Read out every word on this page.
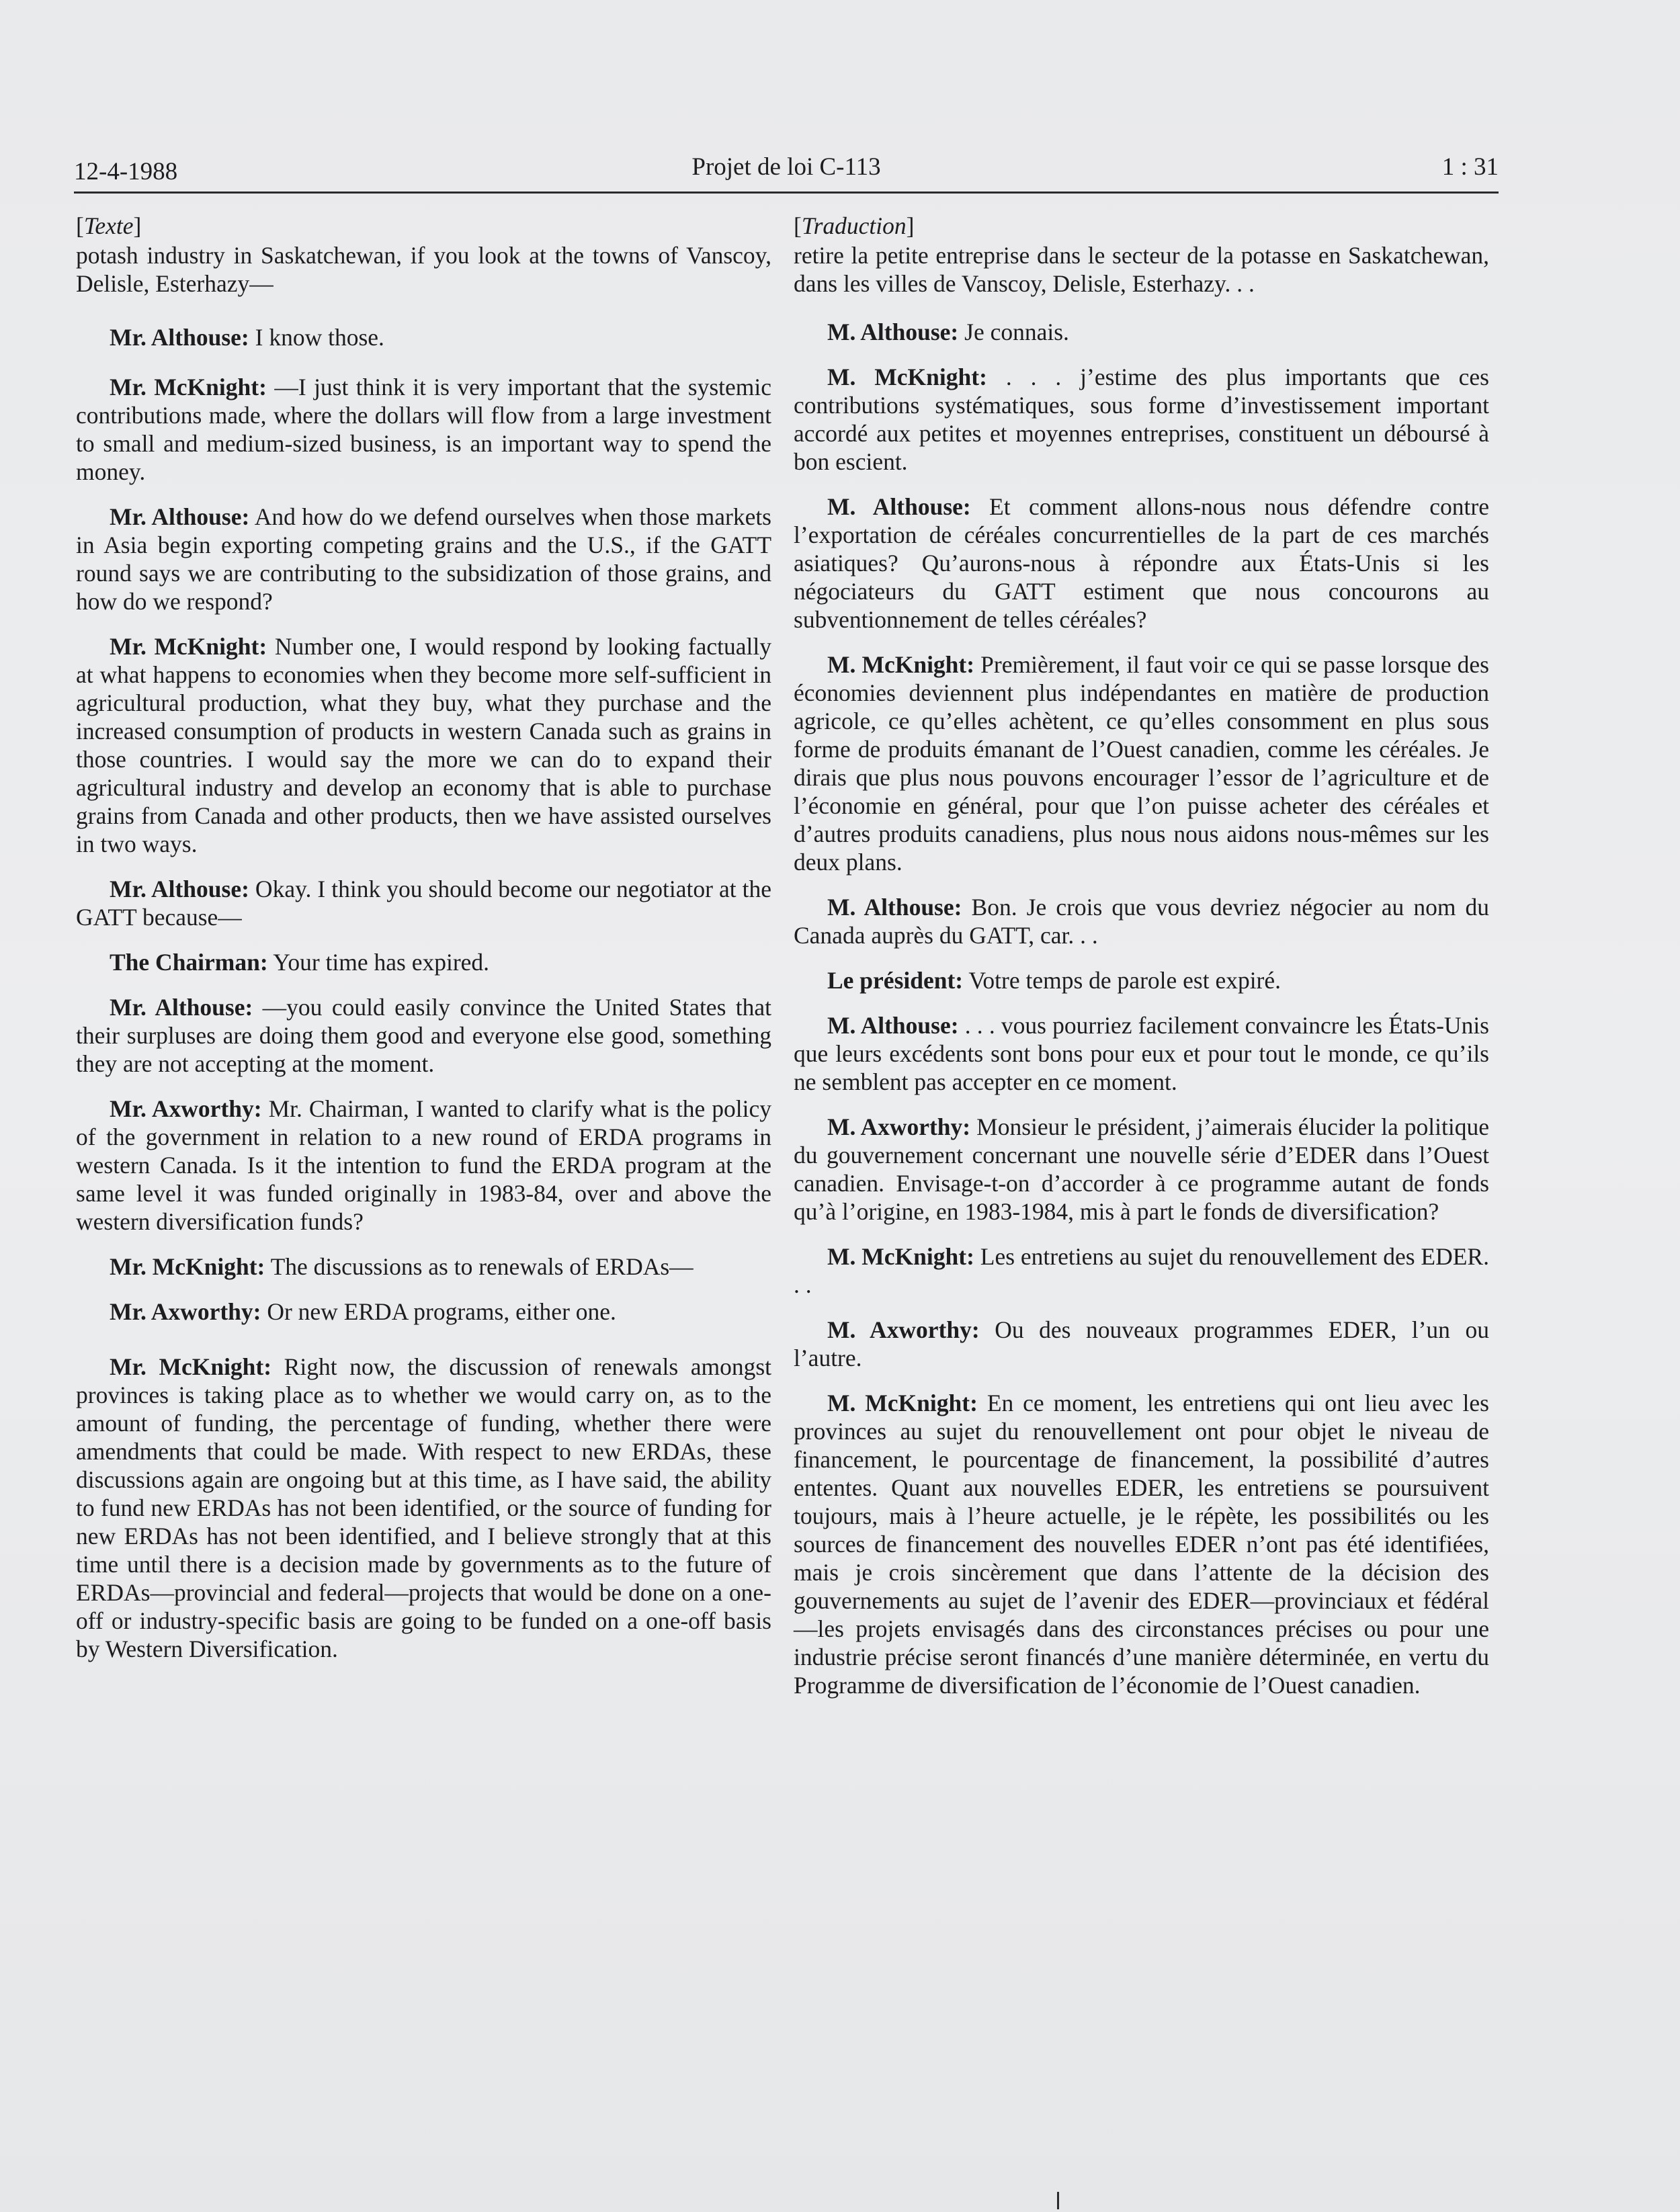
12-4-1988	Projet de loi C-113	1 : 31
[Texte]

potash industry in Saskatchewan, if you look at the towns of Vanscoy, Delisle, Esterhazy—

Mr. Althouse: I know those.

Mr. McKnight: —I just think it is very important that the systemic contributions made, where the dollars will flow from a large investment to small and medium-sized business, is an important way to spend the money.

Mr. Althouse: And how do we defend ourselves when those markets in Asia begin exporting competing grains and the U.S., if the GATT round says we are contributing to the subsidization of those grains, and how do we respond?

Mr. McKnight: Number one, I would respond by looking factually at what happens to economies when they become more self-sufficient in agricultural production, what they buy, what they purchase and the increased consumption of products in western Canada such as grains in those countries. I would say the more we can do to expand their agricultural industry and develop an economy that is able to purchase grains from Canada and other products, then we have assisted ourselves in two ways.

Mr. Althouse: Okay. I think you should become our negotiator at the GATT because—

The Chairman: Your time has expired.

Mr. Althouse: —you could easily convince the United States that their surpluses are doing them good and everyone else good, something they are not accepting at the moment.

Mr. Axworthy: Mr. Chairman, I wanted to clarify what is the policy of the government in relation to a new round of ERDA programs in western Canada. Is it the intention to fund the ERDA program at the same level it was funded originally in 1983-84, over and above the western diversification funds?

Mr. McKnight: The discussions as to renewals of ERDAs—

Mr. Axworthy: Or new ERDA programs, either one.

Mr. McKnight: Right now, the discussion of renewals amongst provinces is taking place as to whether we would carry on, as to the amount of funding, the percentage of funding, whether there were amendments that could be made. With respect to new ERDAs, these discussions again are ongoing but at this time, as I have said, the ability to fund new ERDAs has not been identified, or the source of funding for new ERDAs has not been identified, and I believe strongly that at this time until there is a decision made by governments as to the future of ERDAs—provincial and federal—projects that would be done on a one-off or industry-specific basis are going to be funded on a one-off basis by Western Diversification.

[Traduction]

retire la petite entreprise dans le secteur de la potasse en Saskatchewan, dans les villes de Vanscoy, Delisle, Esterhazy. . .

M. Althouse: Je connais.

M. McKnight: . . . j’estime des plus importants que ces contributions systématiques, sous forme d’investissement important accordé aux petites et moyennes entreprises, constituent un déboursé à bon escient.

M. Althouse: Et comment allons-nous nous défendre contre l’exportation de céréales concurrentielles de la part de ces marchés asiatiques? Qu’aurons-nous à répondre aux États-Unis si les négociateurs du GATT estiment que nous concourons au subventionnement de telles céréales?

M. McKnight: Premièrement, il faut voir ce qui se passe lorsque des économies deviennent plus indépendantes en matière de production agricole, ce qu’elles achètent, ce qu’elles consomment en plus sous forme de produits émanant de l’Ouest canadien, comme les céréales. Je dirais que plus nous pouvons encourager l’essor de l’agriculture et de l’économie en général, pour que l’on puisse acheter des céréales et d’autres produits canadiens, plus nous nous aidons nous-mêmes sur les deux plans.

M. Althouse: Bon. Je crois que vous devriez négocier au nom du Canada auprès du GATT, car. . .

Le président: Votre temps de parole est expiré.

M. Althouse: . . . vous pourriez facilement convaincre les États-Unis que leurs excédents sont bons pour eux et pour tout le monde, ce qu’ils ne semblent pas accepter en ce moment.

M. Axworthy: Monsieur le président, j’aimerais élucider la politique du gouvernement concernant une nouvelle série d’EDER dans l’Ouest canadien. Envisage-t-on d’accorder à ce programme autant de fonds qu’à l’origine, en 1983-1984, mis à part le fonds de diversification?

M. McKnight: Les entretiens au sujet du renouvellement des EDER. . .

M. Axworthy: Ou des nouveaux programmes EDER, l’un ou l’autre.

M. McKnight: En ce moment, les entretiens qui ont lieu avec les provinces au sujet du renouvellement ont pour objet le niveau de financement, le pourcentage de financement, la possibilité d’autres ententes. Quant aux nouvelles EDER, les entretiens se poursuivent toujours, mais à l’heure actuelle, je le répète, les possibilités ou les sources de financement des nouvelles EDER n’ont pas été identifiées, mais je crois sincèrement que dans l’attente de la décision des gouvernements au sujet de l’avenir des EDER—provinciaux et fédéral—les projets envisagés dans des circonstances précises ou pour une industrie précise seront financés d’une manière déterminée, en vertu du Programme de diversification de l’économie de l’Ouest canadien.
